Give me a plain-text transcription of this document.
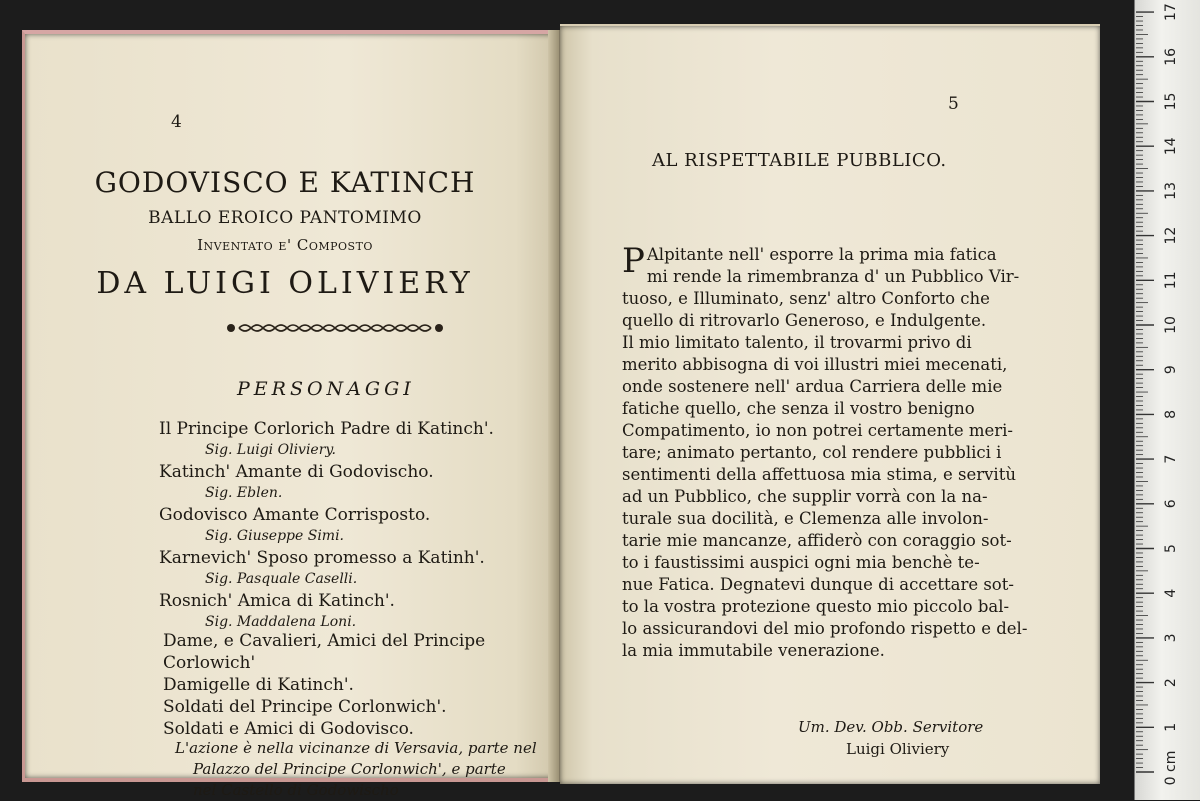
4
GODOVISCO E KATINCH
BALLO EROICO PANTOMIMO
Inventato e' Composto
DA LUIGI OLIVIERY
PERSONAGGI
Il Principe Corlorich Padre di Katinch'.
Sig. Luigi Oliviery.
Katinch' Amante di Godovischo.
Sig. Eblen.
Godovisco Amante Corrisposto.
Sig. Giuseppe Simi.
Karnevich' Sposo promesso a Katinh'.
Sig. Pasquale Caselli.
Rosnich' Amica di Katinch'.
Sig. Maddalena Loni.
Dame, e Cavalieri, Amici del Principe Corlowich'
Damigelle di Katinch'.
Soldati del Principe Corlonwich'.
Soldati e Amici di Godovisco.
L'azione è nella vicinanze di Versavia, parte nel
Palazzo del Principe Corlonwich', e parte
nel Castello di Godowischo
5
AL RISPETTABILE PUBBLICO.
P Alpitante nell' esporre la prima mia fatica
mi rende la rimembranza d' un Pubblico Vir-
tuoso, e Illuminato, senz' altro Conforto che
quello di ritrovarlo Generoso, e Indulgente.
Il mio limitato talento, il trovarmi privo di
merito abbisogna di voi illustri miei mecenati,
onde sostenere nell' ardua Carriera delle mie
fatiche quello, che senza il vostro benigno
Compatimento, io non potrei certamente meri-
tare; animato pertanto, col rendere pubblici i
sentimenti della affettuosa mia stima, e servitù
ad un Pubblico, che supplir vorrà con la na-
turale sua docilità, e Clemenza alle involon-
tarie mie mancanze, affiderò con coraggio sot-
to i faustissimi auspici ogni mia benchè te-
nue Fatica. Degnatevi dunque di accettare sot-
to la vostra protezione questo mio piccolo bal-
lo assicurandovi del mio profondo rispetto e del-
la mia immutabile venerazione.
Um. Dev. Obb. Servitore
Luigi Oliviery
0 cm
1
2
3
4
5
6
7
8
9
10
11
12
13
14
15
16
17
